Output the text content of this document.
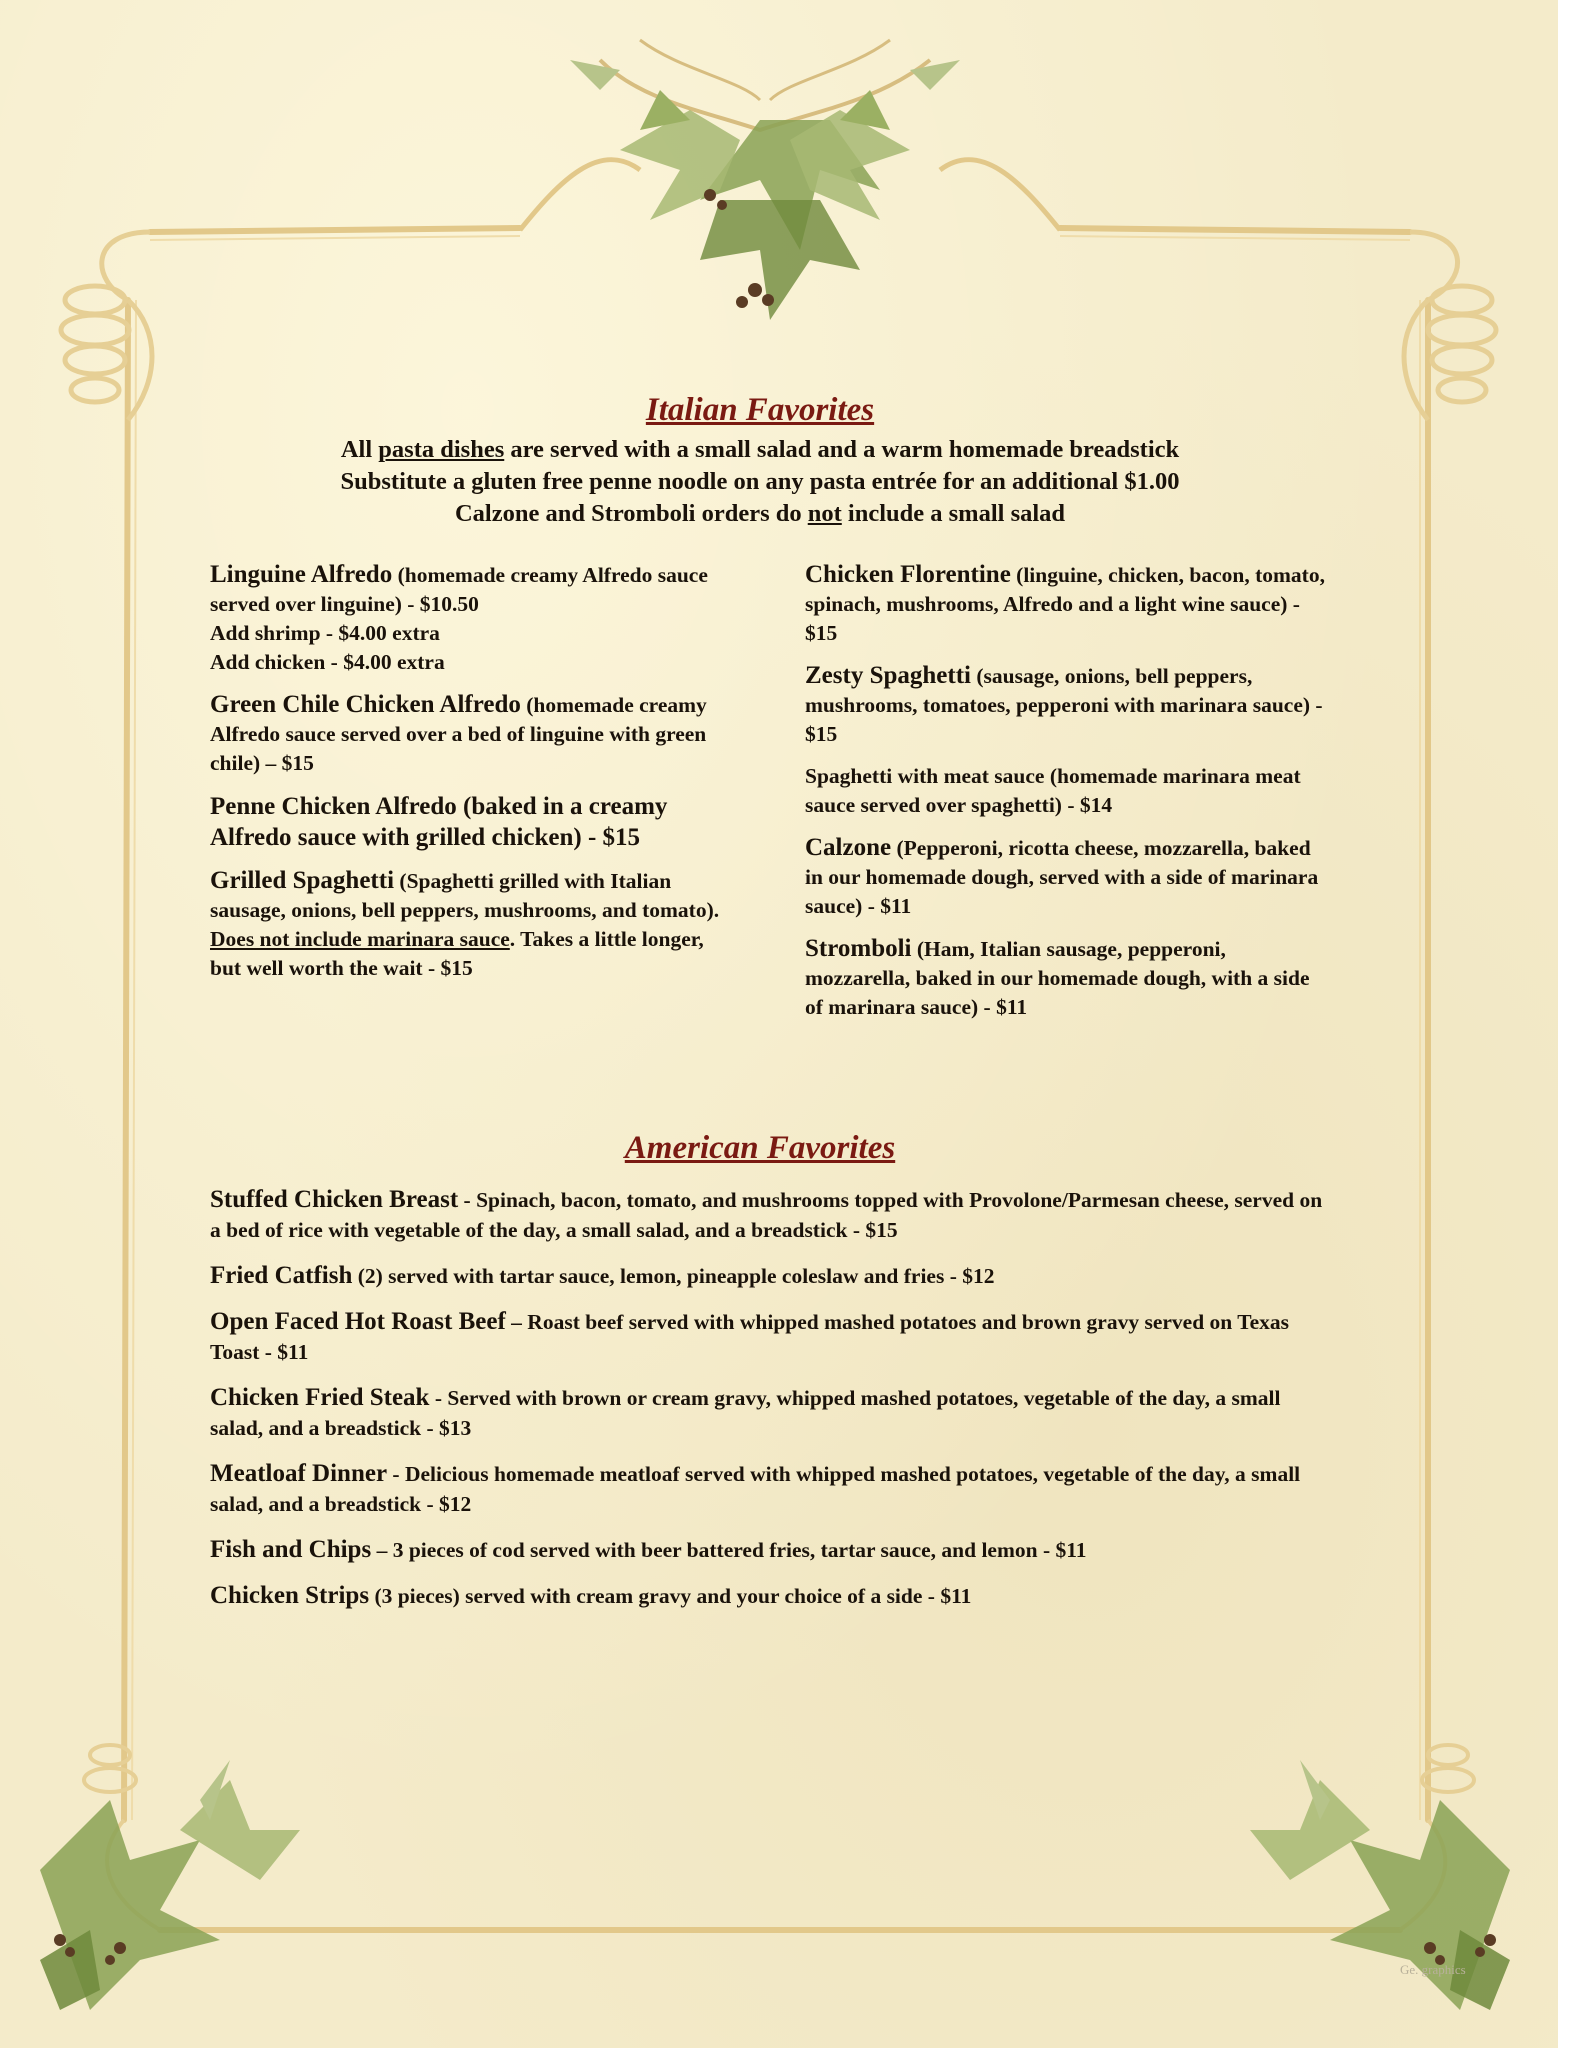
Italian Favorites
All pasta dishes are served with a small salad and a warm homemade breadstick
Substitute a gluten free penne noodle on any pasta entrée for an additional $1.00
Calzone and Stromboli orders do not include a small salad
Linguine Alfredo (homemade creamy Alfredo sauce served over linguine) - $10.50
Add shrimp - $4.00 extra
Add chicken - $4.00 extra
Green Chile Chicken Alfredo (homemade creamy Alfredo sauce served over a bed of linguine with green chile) – $15
Penne Chicken Alfredo (baked in a creamy Alfredo sauce with grilled chicken) - $15
Grilled Spaghetti (Spaghetti grilled with Italian sausage, onions, bell peppers, mushrooms, and tomato). Does not include marinara sauce. Takes a little longer, but well worth the wait - $15
Chicken Florentine (linguine, chicken, bacon, tomato, spinach, mushrooms, Alfredo and a light wine sauce) - $15
Zesty Spaghetti (sausage, onions, bell peppers, mushrooms, tomatoes, pepperoni with marinara sauce) - $15
Spaghetti with meat sauce (homemade marinara meat sauce served over spaghetti) - $14
Calzone (Pepperoni, ricotta cheese, mozzarella, baked in our homemade dough, served with a side of marinara sauce) - $11
Stromboli (Ham, Italian sausage, pepperoni, mozzarella, baked in our homemade dough, with a side of marinara sauce) - $11
American Favorites
Stuffed Chicken Breast - Spinach, bacon, tomato, and mushrooms topped with Provolone/Parmesan cheese, served on a bed of rice with vegetable of the day, a small salad, and a breadstick - $15
Fried Catfish (2) served with tartar sauce, lemon, pineapple coleslaw and fries - $12
Open Faced Hot Roast Beef – Roast beef served with whipped mashed potatoes and brown gravy served on Texas Toast - $11
Chicken Fried Steak - Served with brown or cream gravy, whipped mashed potatoes, vegetable of the day, a small salad, and a breadstick - $13
Meatloaf Dinner - Delicious homemade meatloaf served with whipped mashed potatoes, vegetable of the day, a small salad, and a breadstick - $12
Fish and Chips – 3 pieces of cod served with beer battered fries, tartar sauce, and lemon - $11
Chicken Strips (3 pieces) served with cream gravy and your choice of a side - $11
Ge. graphics
